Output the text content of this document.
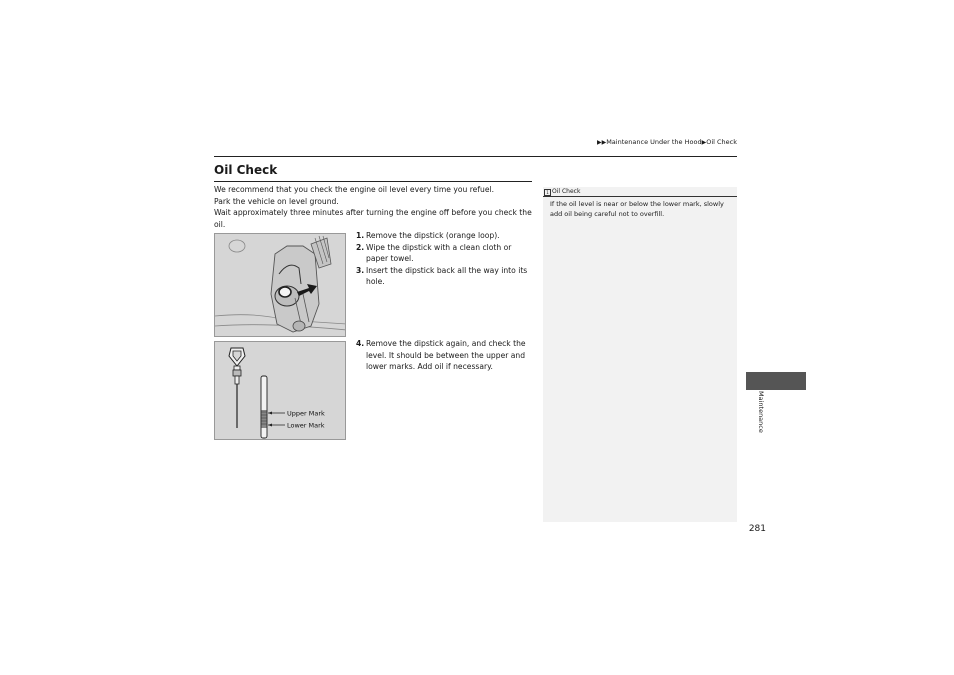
▶▶Maintenance Under the Hood▶Oil Check
Oil Check
We recommend that you check the engine oil level every time you refuel.
Park the vehicle on level ground.
Wait approximately three minutes after turning the engine off before you check the oil.
1. Remove the dipstick (orange loop).
2. Wipe the dipstick with a clean cloth or paper towel.
3. Insert the dipstick back all the way into its hole.
Upper Mark
Lower Mark
4. Remove the dipstick again, and check the level. It should be between the upper and lower marks. Add oil if necessary.
1 Oil Check
If the oil level is near or below the lower mark, slowly add oil being careful not to overfill.
Maintenance
281
